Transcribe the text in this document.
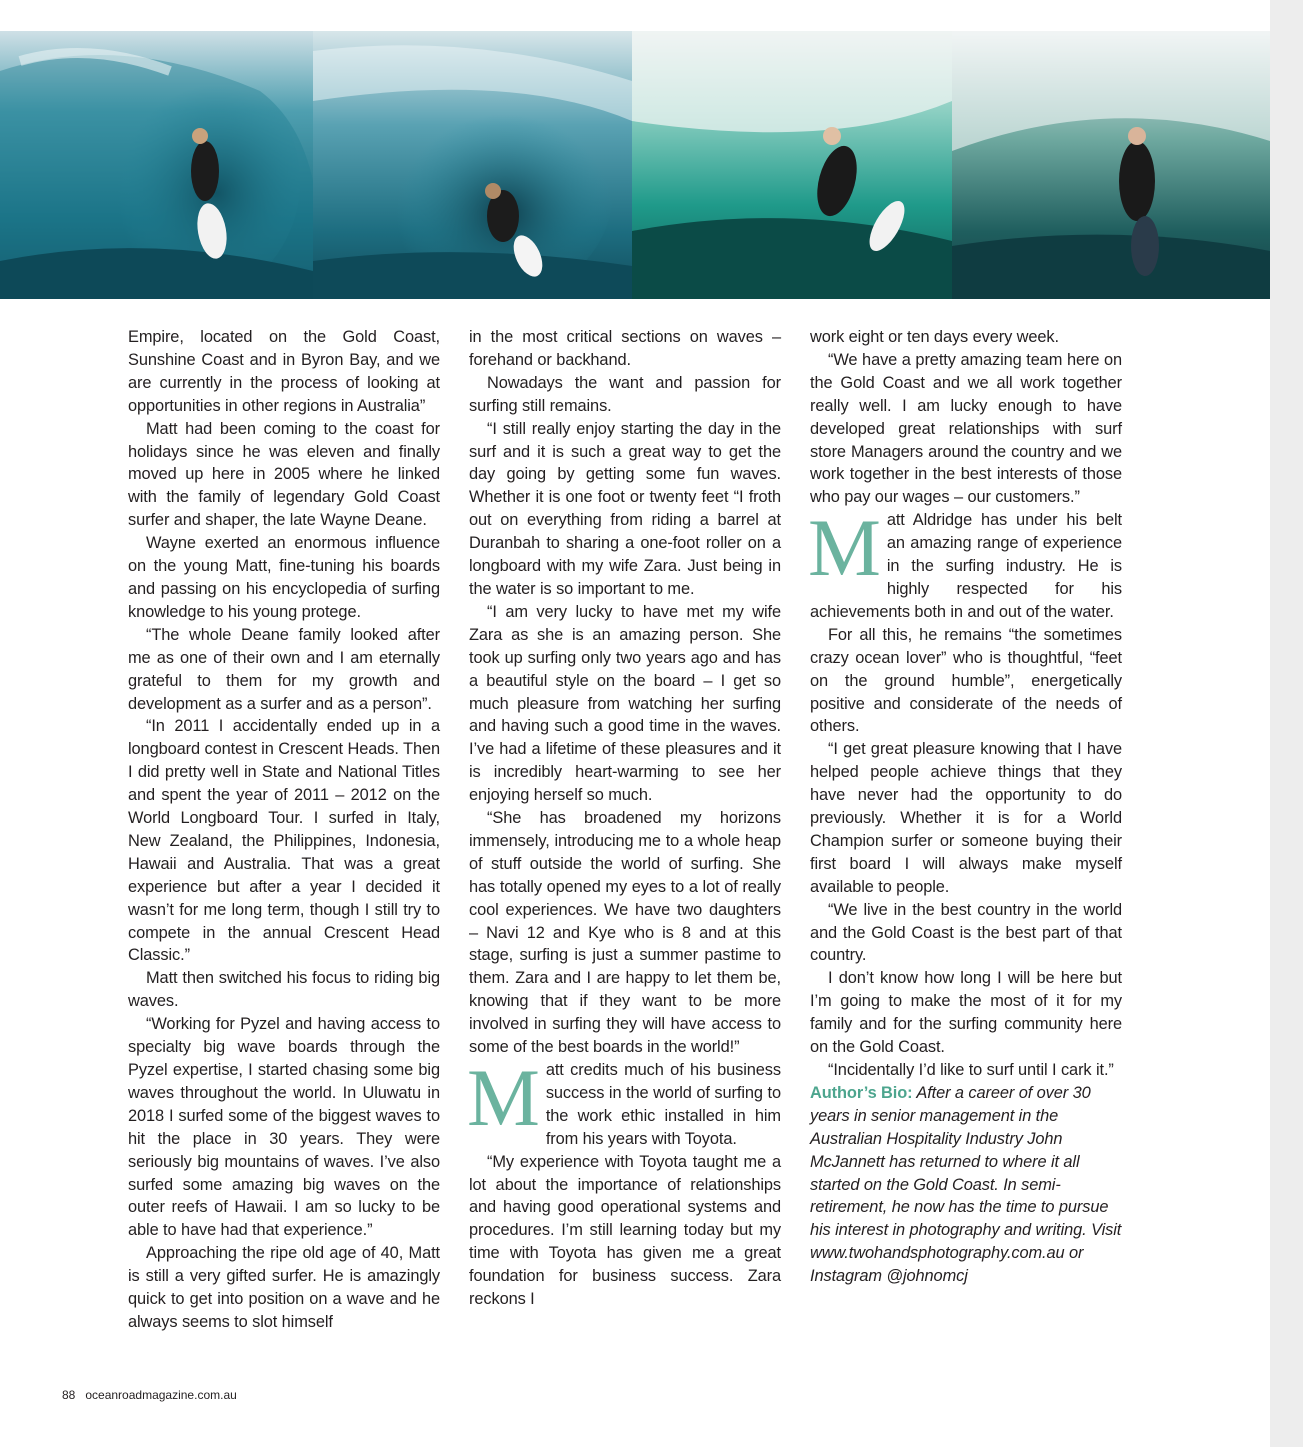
Empire, located on the Gold Coast, Sunshine Coast and in Byron Bay, and we are currently in the process of looking at opportunities in other regions in Australia”

Matt had been coming to the coast for holidays since he was eleven and finally moved up here in 2005 where he linked with the family of legendary Gold Coast surfer and shaper, the late Wayne Deane.

Wayne exerted an enormous influence on the young Matt, fine-tuning his boards and passing on his encyclopedia of surfing knowledge to his young protege.

“The whole Deane family looked after me as one of their own and I am eternally grateful to them for my growth and development as a surfer and as a person”.

“In 2011 I accidentally ended up in a longboard contest in Crescent Heads. Then I did pretty well in State and National Titles and spent the year of 2011 – 2012 on the World Longboard Tour. I surfed in Italy, New Zealand, the Philippines, Indonesia, Hawaii and Australia. That was a great experience but after a year I decided it wasn’t for me long term, though I still try to compete in the annual Crescent Head Classic.”

Matt then switched his focus to riding big waves.

“Working for Pyzel and having access to specialty big wave boards through the Pyzel expertise, I started chasing some big waves throughout the world. In Uluwatu in 2018 I surfed some of the biggest waves to hit the place in 30 years. They were seriously big mountains of waves. I’ve also surfed some amazing big waves on the outer reefs of Hawaii. I am so lucky to be able to have had that experience.”

Approaching the ripe old age of 40, Matt is still a very gifted surfer. He is amazingly quick to get into position on a wave and he always seems to slot himself

in the most critical sections on waves – forehand or backhand.

Nowadays the want and passion for surfing still remains.

“I still really enjoy starting the day in the surf and it is such a great way to get the day going by getting some fun waves. Whether it is one foot or twenty feet “I froth out on everything from riding a barrel at Duranbah to sharing a one-foot roller on a longboard with my wife Zara. Just being in the water is so important to me.

“I am very lucky to have met my wife Zara as she is an amazing person. She took up surfing only two years ago and has a beautiful style on the board – I get so much pleasure from watching her surfing and having such a good time in the waves. I’ve had a lifetime of these pleasures and it is incredibly heart-warming to see her enjoying herself so much.

“She has broadened my horizons immensely, introducing me to a whole heap of stuff outside the world of surfing. She has totally opened my eyes to a lot of really cool experiences. We have two daughters – Navi 12 and Kye who is 8 and at this stage, surfing is just a summer pastime to them. Zara and I are happy to let them be, knowing that if they want to be more involved in surfing they will have access to some of the best boards in the world!”

Matt credits much of his business success in the world of surfing to the work ethic installed in him from his years with Toyota.

“My experience with Toyota taught me a lot about the importance of relationships and having good operational systems and procedures. I’m still learning today but my time with Toyota has given me a great foundation for business success. Zara reckons I

work eight or ten days every week.

“We have a pretty amazing team here on the Gold Coast and we all work together really well. I am lucky enough to have developed great relationships with surf store Managers around the country and we work together in the best interests of those who pay our wages – our customers.”

Matt Aldridge has under his belt an amazing range of experience in the surfing industry. He is highly respected for his achievements both in and out of the water.

For all this, he remains “the sometimes crazy ocean lover” who is thoughtful, “feet on the ground humble”, energetically positive and considerate of the needs of others.

“I get great pleasure knowing that I have helped people achieve things that they have never had the opportunity to do previously. Whether it is for a World Champion surfer or someone buying their first board I will always make myself available to people.

“We live in the best country in the world and the Gold Coast is the best part of that country.

I don’t know how long I will be here but I’m going to make the most of it for my family and for the surfing community here on the Gold Coast.

“Incidentally I’d like to surf until I cark it.”

Author’s Bio: After a career of over 30 years in senior management in the Australian Hospitality Industry John McJannett has returned to where it all started on the Gold Coast. In semi-retirement, he now has the time to pursue his interest in photography and writing. Visit www.twohandsphotography.com.au or Instagram @johnomcj

88 oceanroadmagazine.com.au
